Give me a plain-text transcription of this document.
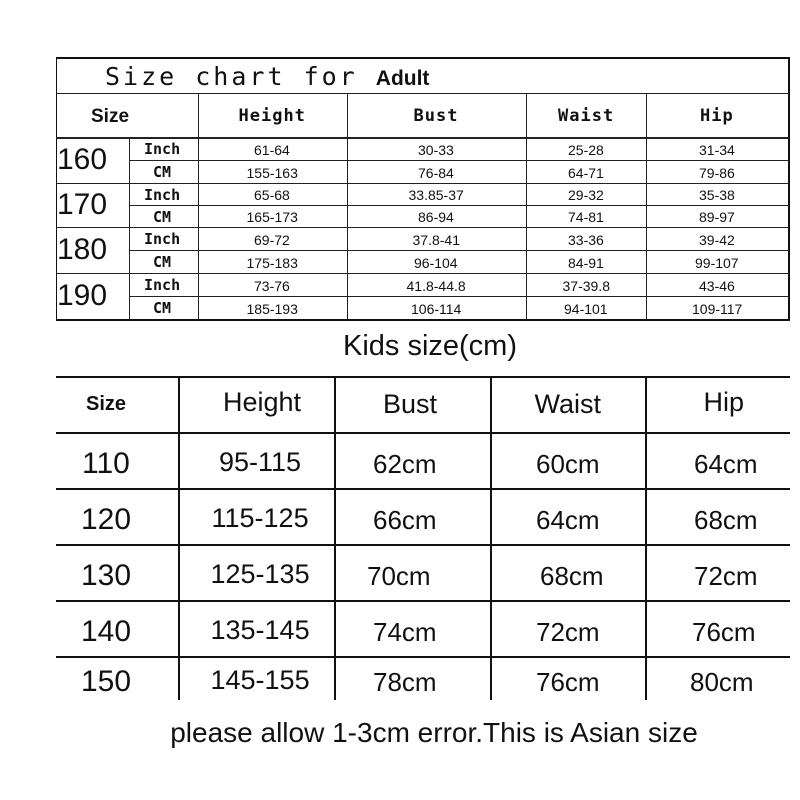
Size chart for Adult
Size	Height	Bust	Waist	Hip
160 Inch	61-64	30-33	25-28	31-34
CM	155-163	76-84	64-71	79-86
170 Inch	65-68	33.85-37	29-32	35-38
CM	165-173	86-94	74-81	89-97
180 Inch	69-72	37.8-41	33-36	39-42
CM	175-183	96-104	84-91	99-107
190 Inch	73-76	41.8-44.8	37-39.8	43-46
CM	185-193	106-114	94-101	109-117
Kids size(cm)
Size	Height	Bust	Waist	Hip
110	95-115	62cm	60cm	64cm
120	115-125 66cm	64cm	68cm
130	125-135 70cm	68cm	72cm
140	135-145 74cm	72cm	76cm
150	145-155 78cm	76cm	80cm
please allow 1-3cm error.This is Asian size
